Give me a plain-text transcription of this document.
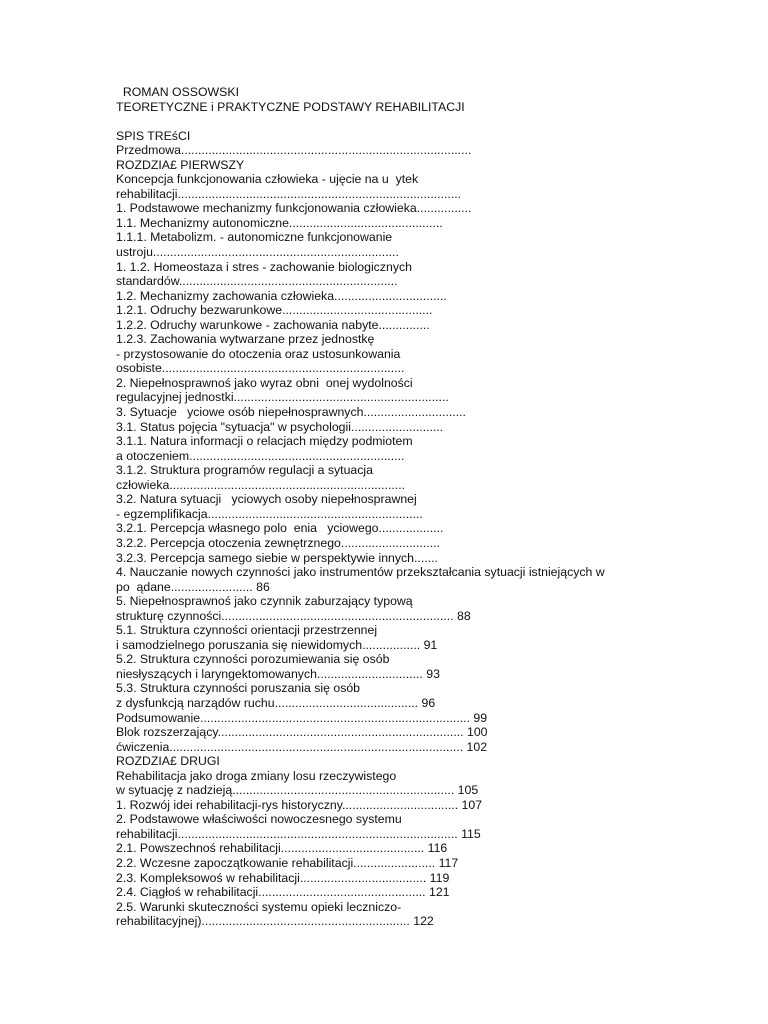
ROMAN OSSOWSKI
TEORETYCZNE i PRAKTYCZNE PODSTAWY REHABILITACJI
SPIS TREśCI
Przedmowa.....................................................................................
ROZDZIA£ PIERWSZY
Koncepcja funkcjonowania człowieka - ujęcie na u  ytek
rehabilitacji...................................................................................
1. Podstawowe mechanizmy funkcjonowania człowieka................
1.1. Mechanizmy autonomiczne.............................................
1.1.1. Metabolizm. - autonomiczne funkcjonowanie
ustroju........................................................................
1. 1.2. Homeostaza i stres - zachowanie biologicznych
standardów................................................................
1.2. Mechanizmy zachowania człowieka.................................
1.2.1. Odruchy bezwarunkowe............................................
1.2.2. Odruchy warunkowe - zachowania nabyte...............
1.2.3. Zachowania wytwarzane przez jednostkę
- przystosowanie do otoczenia oraz ustosunkowania
osobiste.......................................................................
2. Niepełnosprawnoś jako wyraz obni  onej wydolności
regulacyjnej jednostki...............................................................
3. Sytuacje   yciowe osób niepełnosprawnych..............................
3.1. Status pojęcia "sytuacja" w psychologii...........................
3.1.1. Natura informacji o relacjach między podmiotem
a otoczeniem...............................................................
3.1.2. Struktura programów regulacji a sytuacja
człowieka.....................................................................
3.2. Natura sytuacji   yciowych osoby niepełnosprawnej
- egzemplifikacja...............................................................
3.2.1. Percepcja własnego polo  enia   yciowego...................
3.2.2. Percepcja otoczenia zewnętrznego.............................
3.2.3. Percepcja samego siebie w perspektywie innych.......
4. Nauczanie nowych czynności jako instrumentów przekształcania sytuacji istniejących w
po  ądane........................ 86
5. Niepełnosprawnoś jako czynnik zaburzający typową
strukturę czynności.................................................................... 88
5.1. Struktura czynności orientacji przestrzennej
i samodzielnego poruszania się niewidomych................. 91
5.2. Struktura czynności porozumiewania się osób
niesłyszących i laryngektomowanych............................... 93
5.3. Struktura czynności poruszania się osób
z dysfunkcją narządów ruchu.......................................... 96
Podsumowanie............................................................................... 99
Blok rozszerzający........................................................................ 100
ćwiczenia...................................................................................... 102
ROZDZIA£ DRUGI
Rehabilitacja jako droga zmiany losu rzeczywistego
w sytuację z nadzieją................................................................. 105
1. Rozwój idei rehabilitacji-rys historyczny.................................. 107
2. Podstawowe właściwości nowoczesnego systemu
rehabilitacji.................................................................................. 115
2.1. Powszechnoś rehabilitacji.......................................... 116
2.2. Wczesne zapoczątkowanie rehabilitacji........................ 117
2.3. Kompleksowoś w rehabilitacji..................................... 119
2.4. Ciągłoś w rehabilitacji................................................. 121
2.5. Warunki skuteczności systemu opieki leczniczo-
rehabilitacyjnej)............................................................. 122
